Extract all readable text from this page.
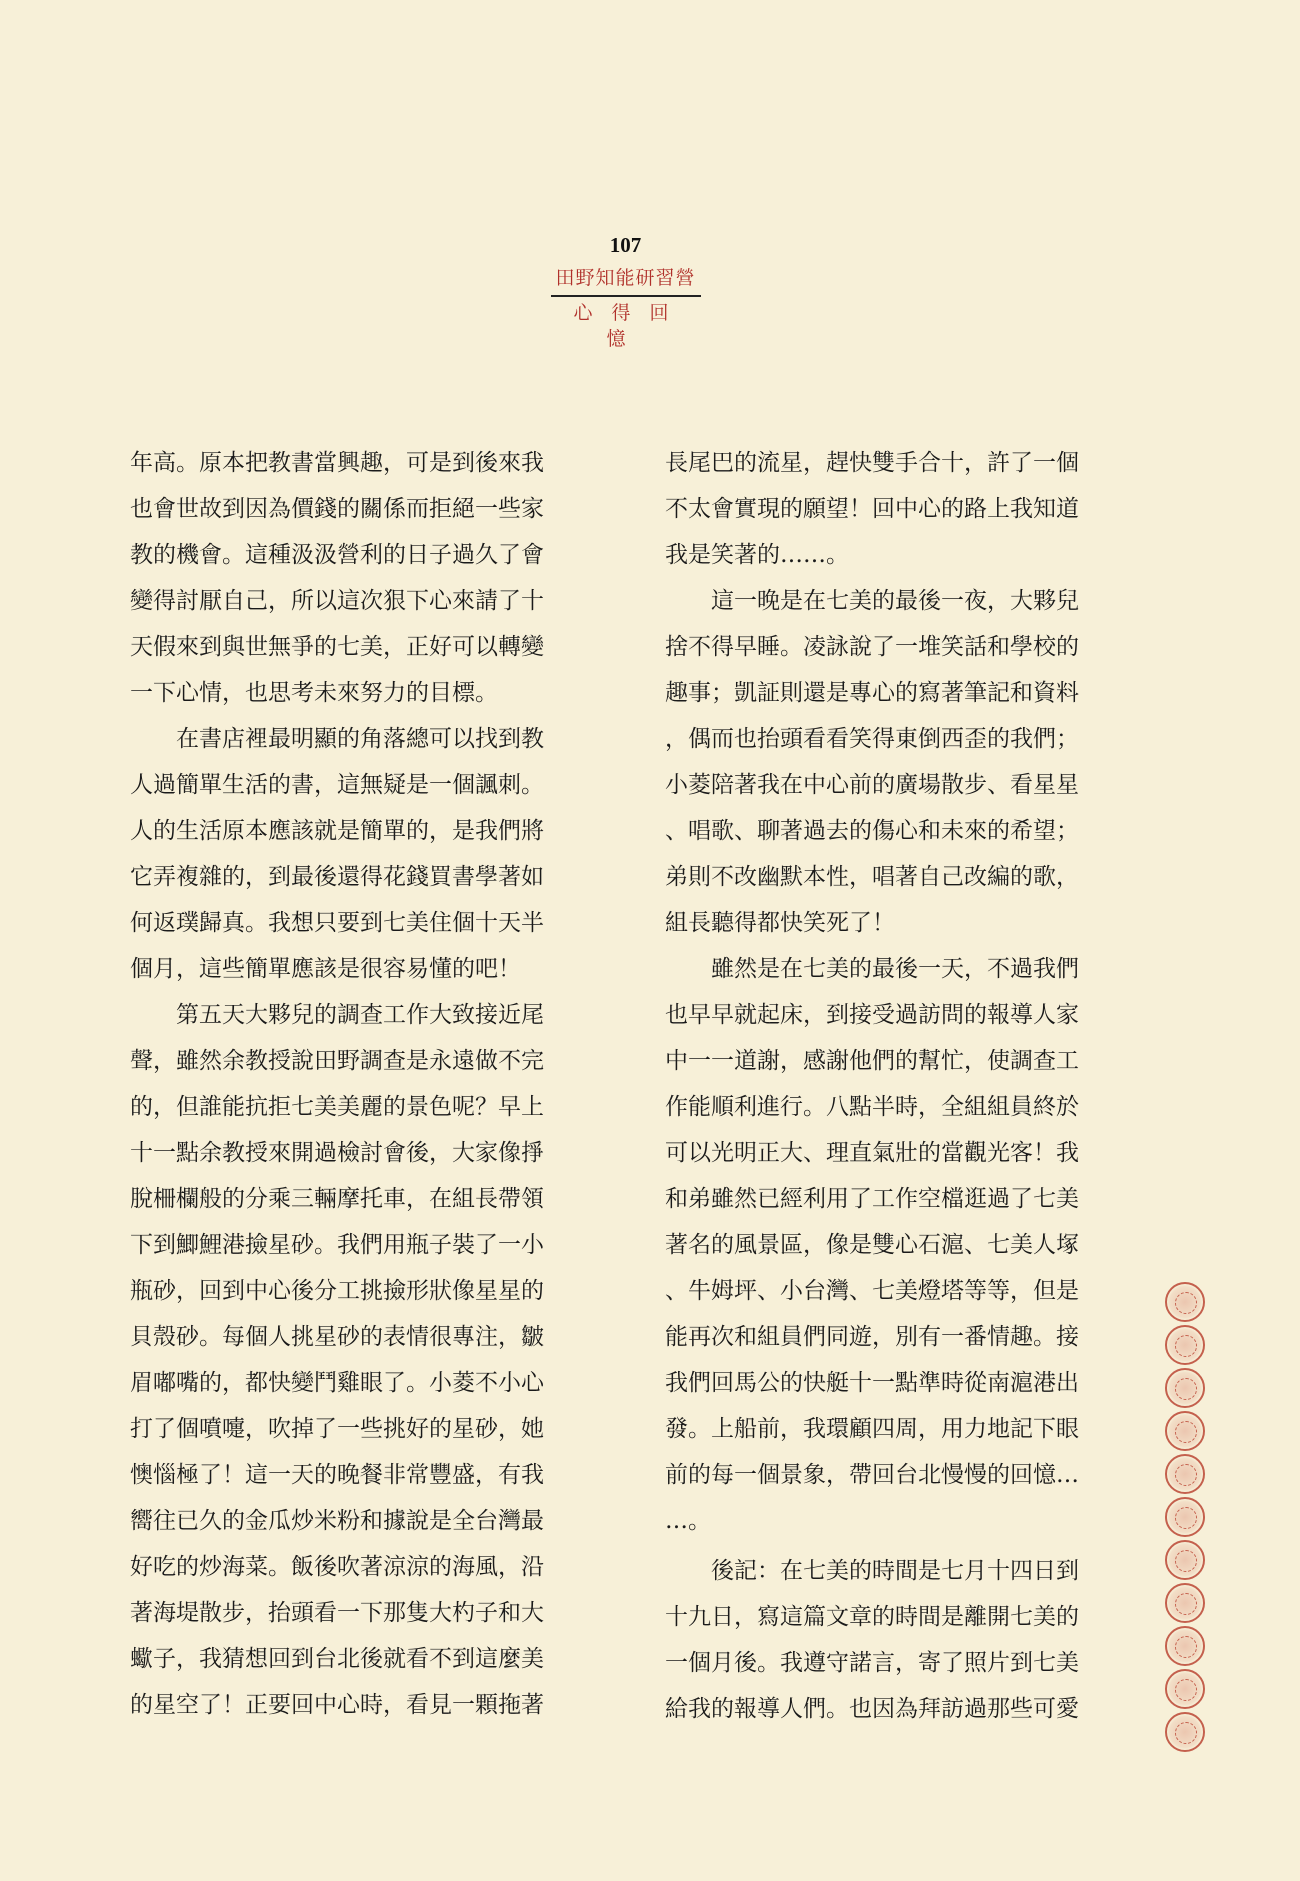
107
田野知能研習營
心得回憶
年高。原本把教書當興趣，可是到後來我
也會世故到因為價錢的關係而拒絕一些家
教的機會。這種汲汲營利的日子過久了會
變得討厭自己，所以這次狠下心來請了十
天假來到與世無爭的七美，正好可以轉變
一下心情，也思考未來努力的目標。
在書店裡最明顯的角落總可以找到教
人過簡單生活的書，這無疑是一個諷刺。
人的生活原本應該就是簡單的，是我們將
它弄複雜的，到最後還得花錢買書學著如
何返璞歸真。我想只要到七美住個十天半
個月，這些簡單應該是很容易懂的吧！
第五天大夥兒的調查工作大致接近尾
聲，雖然余教授說田野調查是永遠做不完
的，但誰能抗拒七美美麗的景色呢？早上
十一點余教授來開過檢討會後，大家像掙
脫柵欄般的分乘三輛摩托車，在組長帶領
下到鯽鯉港撿星砂。我們用瓶子裝了一小
瓶砂，回到中心後分工挑撿形狀像星星的
貝殼砂。每個人挑星砂的表情很專注，皺
眉嘟嘴的，都快變鬥雞眼了。小菱不小心
打了個噴嚏，吹掉了一些挑好的星砂，她
懊惱極了！這一天的晚餐非常豐盛，有我
嚮往已久的金瓜炒米粉和據說是全台灣最
好吃的炒海菜。飯後吹著涼涼的海風，沿
著海堤散步，抬頭看一下那隻大杓子和大
蠍子，我猜想回到台北後就看不到這麼美
的星空了！正要回中心時，看見一顆拖著
長尾巴的流星，趕快雙手合十，許了一個
不太會實現的願望！回中心的路上我知道
我是笑著的……。
這一晚是在七美的最後一夜，大夥兒
捨不得早睡。凌詠說了一堆笑話和學校的
趣事；凱証則還是專心的寫著筆記和資料
，偶而也抬頭看看笑得東倒西歪的我們；
小菱陪著我在中心前的廣場散步、看星星
、唱歌、聊著過去的傷心和未來的希望；
弟則不改幽默本性，唱著自己改編的歌，
組長聽得都快笑死了！
雖然是在七美的最後一天，不過我們
也早早就起床，到接受過訪問的報導人家
中一一道謝，感謝他們的幫忙，使調查工
作能順利進行。八點半時，全組組員終於
可以光明正大、理直氣壯的當觀光客！我
和弟雖然已經利用了工作空檔逛過了七美
著名的風景區，像是雙心石滬、七美人塚
、牛姆坪、小台灣、七美燈塔等等，但是
能再次和組員們同遊，別有一番情趣。接
我們回馬公的快艇十一點準時從南滬港出
發。上船前，我環顧四周，用力地記下眼
前的每一個景象，帶回台北慢慢的回憶…
…。
後記：在七美的時間是七月十四日到
十九日，寫這篇文章的時間是離開七美的
一個月後。我遵守諾言，寄了照片到七美
給我的報導人們。也因為拜訪過那些可愛
